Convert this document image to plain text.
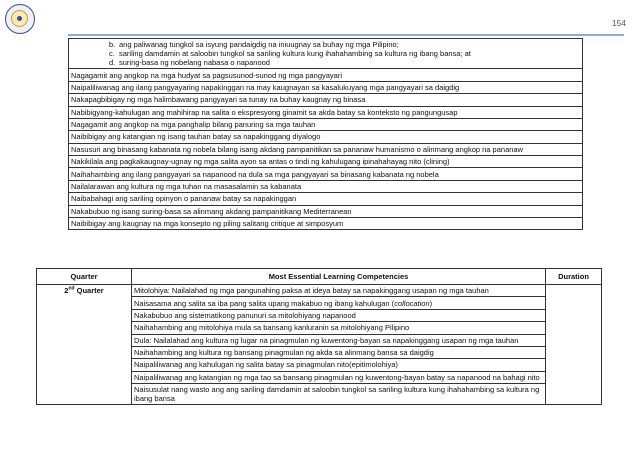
154
b. ang paliwanag tungkol sa isyung pandaigdig na iniuugnay sa buhay ng mga Pilipino;
c. sariling damdamin at saloobin tungkol sa sariling kultura kung ihahahambing sa kultura ng ibang bansa; at
d. suring-basa ng nobelang nabasa o napanood

Nagagamit ang angkop na mga hudyat sa pagsusunod-sunod ng mga pangyayari
Naipaliliwanag ang ilang pangyayaring napakinggan na may kaugnayan sa kasalukuyang mga pangyayari sa daigdig
Nakapagbibigay ng mga halimbawang pangyayari sa tunay na buhay kaugnay ng binasa
Nabibigyang-kahulugan ang mahihirap na salita o ekspresyong ginamit sa akda batay sa konteksto ng pangungusap
Nagagamit ang angkop na mga panghalip bilang panuring sa mga tauhan
Naibibigay ang katangian ng isang tauhan batay sa napakinggang diyalogo
Nasusuri ang binasang kabanata ng nobela bilang isang akdang pampanitikan sa pananaw humanismo o alinmang angkop na pananaw
Nakikilala ang pagkakaugnay-ugnay ng mga salita ayon sa antas o tindi ng kahulugang ipinahahayag nito (clining)
Naihahambing ang ilang pangyayari sa napanood na dula sa mga pangyayari sa binasang kabanata ng nobela
Nailalarawan ang kultura ng mga tuhan na masasalamin sa kabanata
Naibabahagi ang sariling opinyon o pananaw batay sa napakinggan
Nakabubuo ng isang suring-basa sa alinmang akdang pampanitikang Mediterranean
Naibibigay ang kaugnay na mga konsepto ng piling salitang critique at simposyum
Quarter	Most Essential Learning Competencies	Duration
2nd Quarter	Mitolohiya: Nailalahad ng mga pangunahing paksa at ideya batay sa napakinggang usapan ng mga tauhan	
	Naisasama ang salita sa iba pang salita upang makabuo ng ibang kahulugan (collocation)	
	Nakabubuo ang sistematikong panunuri sa mitolohiyang napanood	
	Naihahambing ang mitolohiya mula sa bansang kanluranin sa mitolohiyang Pilipino	
	Dula: Nailalahad ang kultura ng lugar na pinagmulan ng kuwentong-bayan sa napakinggang usapan ng mga tauhan	
	Naihahambing ang kultura ng bansang pinagmulan ng akda sa alinmang bansa sa daigdig	
	Naipaliliwanag ang kahulugan ng salita batay sa pinagmulan nito(epitimolohiya)	
	Naipaliliwanag ang katangian ng mga tao sa bansang pinagmulan ng kuwentong-bayan batay sa napanood na bahagi nito	
	Naisusulat nang wasto ang ang sariling damdamin at saloobin tungkol sa sariling kultura kung ihahahambing sa kultura ng ibang bansa	
